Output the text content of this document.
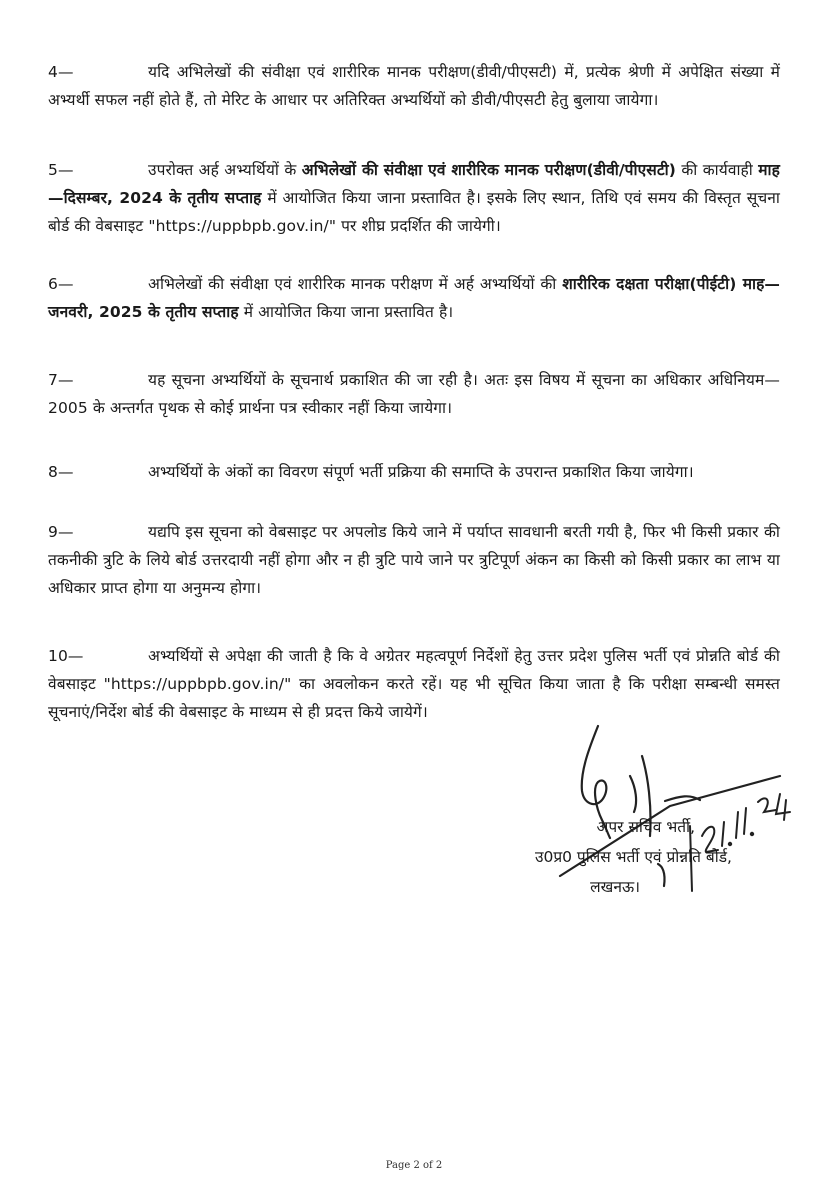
4—	यदि अभिलेखों की संवीक्षा एवं शारीरिक मानक परीक्षण(डीवी/पीएसटी) में, प्रत्येक श्रेणी में अपेक्षित संख्या में अभ्यर्थी सफल नहीं होते हैं, तो मेरिट के आधार पर अतिरिक्त अभ्यर्थियों को डीवी/पीएसटी हेतु बुलाया जायेगा।
5—	उपरोक्त अर्ह अभ्यर्थियों के अभिलेखों की संवीक्षा एवं शारीरिक मानक परीक्षण(डीवी/पीएसटी) की कार्यवाही माह—दिसम्बर, 2024 के तृतीय सप्ताह में आयोजित किया जाना प्रस्तावित है। इसके लिए स्थान, तिथि एवं समय की विस्तृत सूचना बोर्ड की वेबसाइट "https://uppbpb.gov.in/" पर शीघ्र प्रदर्शित की जायेगी।
6—	अभिलेखों की संवीक्षा एवं शारीरिक मानक परीक्षण में अर्ह अभ्यर्थियों की शारीरिक दक्षता परीक्षा(पीईटी) माह—जनवरी, 2025 के तृतीय सप्ताह में आयोजित किया जाना प्रस्तावित है।
7—	यह सूचना अभ्यर्थियों के सूचनार्थ प्रकाशित की जा रही है। अतः इस विषय में सूचना का अधिकार अधिनियम—2005 के अन्तर्गत पृथक से कोई प्रार्थना पत्र स्वीकार नहीं किया जायेगा।
8—	अभ्यर्थियों के अंकों का विवरण संपूर्ण भर्ती प्रक्रिया की समाप्ति के उपरान्त प्रकाशित किया जायेगा।
9—	यद्यपि इस सूचना को वेबसाइट पर अपलोड किये जाने में पर्याप्त सावधानी बरती गयी है, फिर भी किसी प्रकार की तकनीकी त्रुटि के लिये बोर्ड उत्तरदायी नहीं होगा और न ही त्रुटि पाये जाने पर त्रुटिपूर्ण अंकन का किसी को किसी प्रकार का लाभ या अधिकार प्राप्त होगा या अनुमन्य होगा।
10—	अभ्यर्थियों से अपेक्षा की जाती है कि वे अग्रेतर महत्वपूर्ण निर्देशों हेतु उत्तर प्रदेश पुलिस भर्ती एवं प्रोन्नति बोर्ड की वेबसाइट "https://uppbpb.gov.in/" का अवलोकन करते रहें। यह भी सूचित किया जाता है कि परीक्षा सम्बन्धी समस्त सूचनाएं/निर्देश बोर्ड की वेबसाइट के माध्यम से ही प्रदत्त किये जायेगें।
अपर सचिव भर्ती,
उ0प्र0 पुलिस भर्ती एवं प्रोन्नति बोर्ड,
लखनऊ।
Page 2 of 2
